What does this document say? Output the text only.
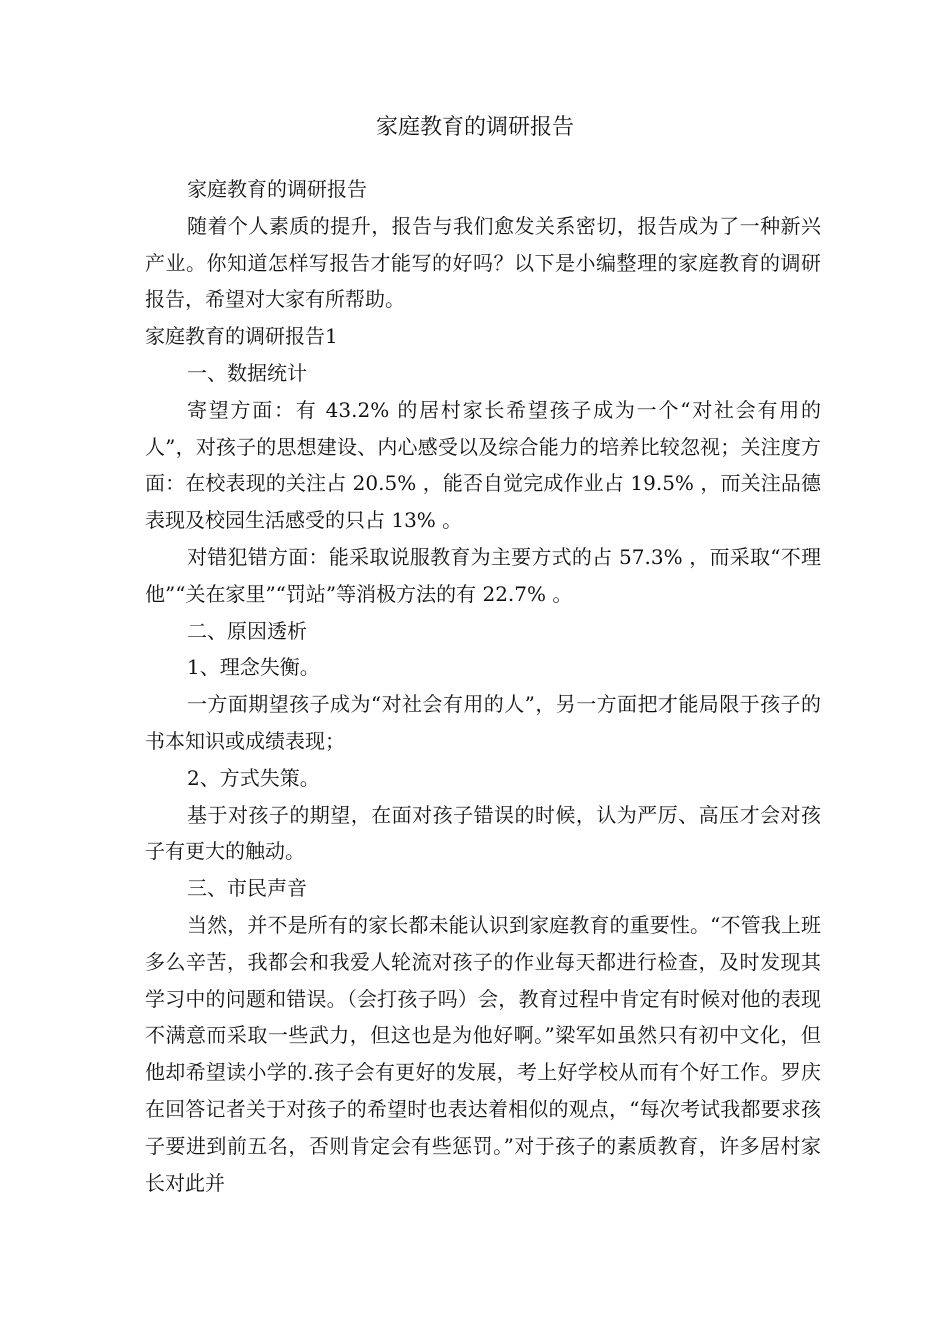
家庭教育的调研报告

家庭教育的调研报告

随着个人素质的提升，报告与我们愈发关系密切，报告成为了一种新兴产业。你知道怎样写报告才能写的好吗？以下是小编整理的家庭教育的调研报告，希望对大家有所帮助。

家庭教育的调研报告1

一、数据统计

寄望方面：有 43.2% 的居村家长希望孩子成为一个“对社会有用的人”，对孩子的思想建设、内心感受以及综合能力的培养比较忽视；关注度方面：在校表现的关注占 20.5% ，能否自觉完成作业占 19.5% ，而关注品德表现及校园生活感受的只占 13% 。

对错犯错方面：能采取说服教育为主要方式的占 57.3% ，而采取“不理他”“关在家里”“罚站”等消极方法的有 22.7% 。

二、原因透析

1、理念失衡。

一方面期望孩子成为“对社会有用的人”，另一方面把才能局限于孩子的书本知识或成绩表现；

2、方式失策。

基于对孩子的期望，在面对孩子错误的时候，认为严厉、高压才会对孩子有更大的触动。

三、市民声音

当然，并不是所有的家长都未能认识到家庭教育的重要性。“不管我上班多么辛苦，我都会和我爱人轮流对孩子的作业每天都进行检查，及时发现其学习中的问题和错误。（会打孩子吗）会，教育过程中肯定有时候对他的表现不满意而采取一些武力，但这也是为他好啊。”梁军如虽然只有初中文化，但他却希望读小学的.孩子会有更好的发展，考上好学校从而有个好工作。罗庆在回答记者关于对孩子的希望时也表达着相似的观点，“每次考试我都要求孩子要进到前五名，否则肯定会有些惩罚。”对于孩子的素质教育，许多居村家长对此并
